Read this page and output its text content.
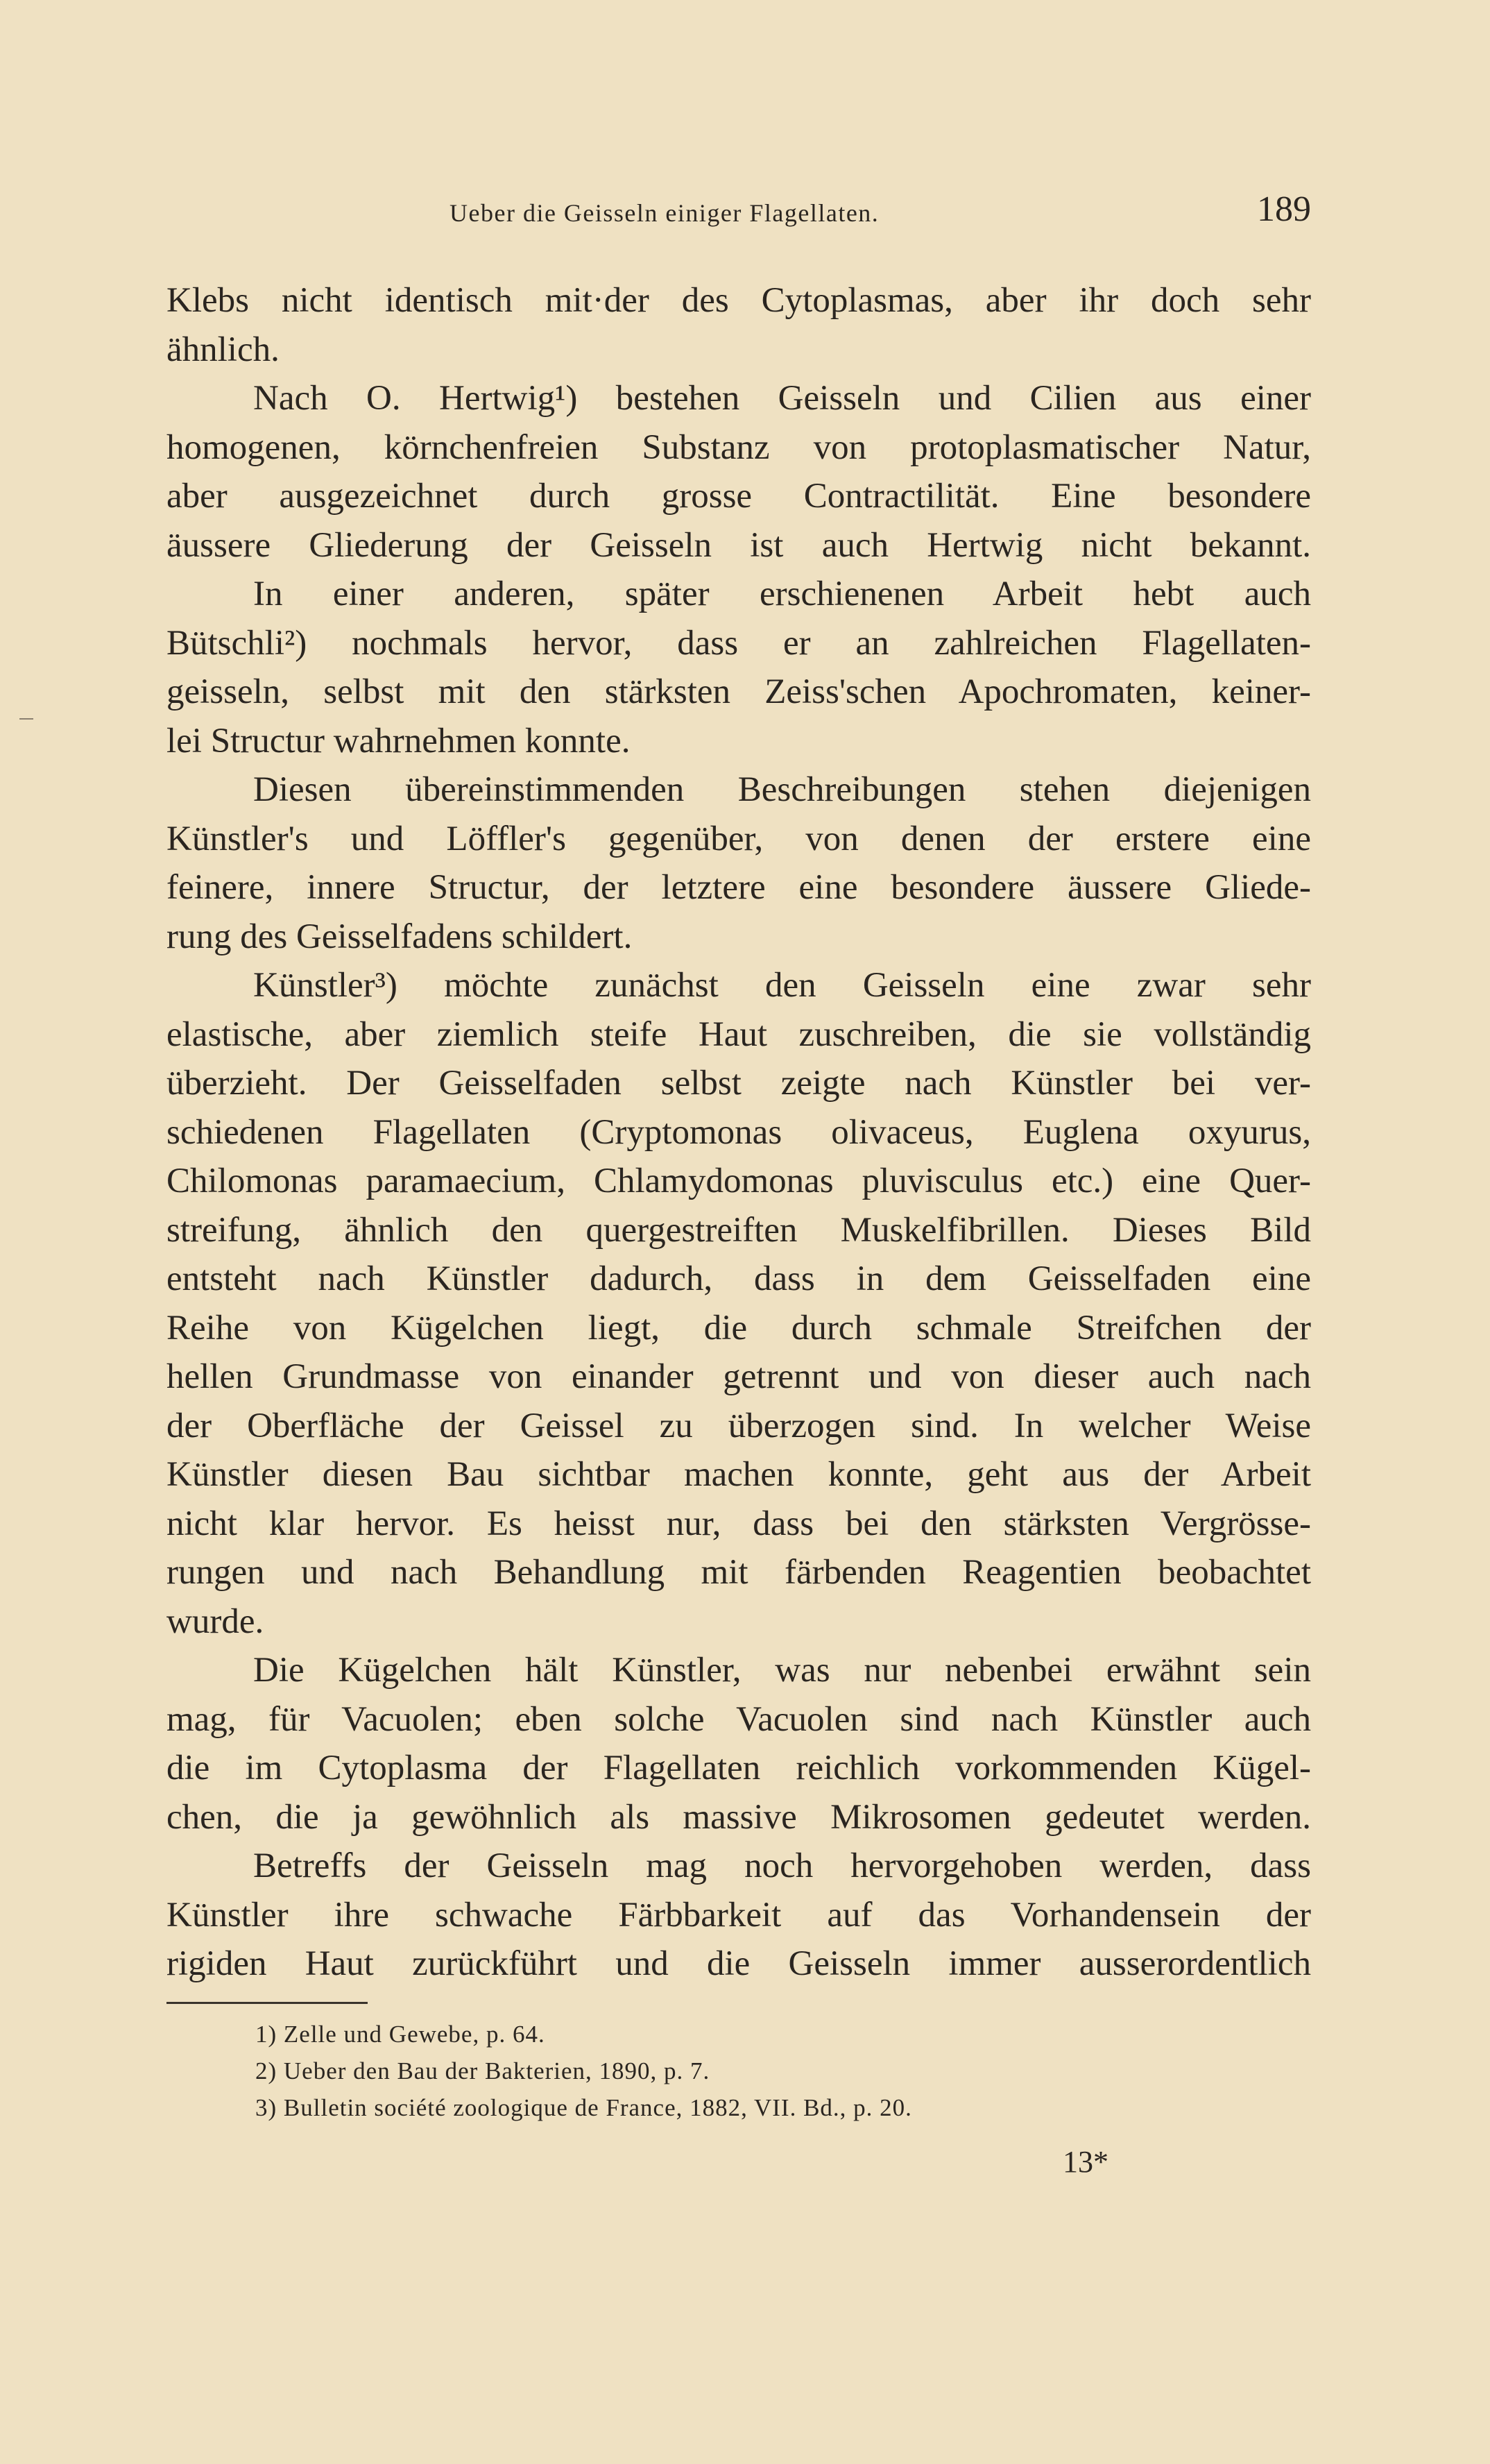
Ueber die Geisseln einiger Flagellaten.	189
Klebs nicht identisch mit·der des Cytoplasmas, aber ihr doch sehr
ähnlich.
Nach O. Hertwig¹) bestehen Geisseln und Cilien aus einer
homogenen, körnchenfreien Substanz von protoplasmatischer Natur,
aber ausgezeichnet durch grosse Contractilität. Eine besondere
äussere Gliederung der Geisseln ist auch Hertwig nicht bekannt.
In einer anderen, später erschienenen Arbeit hebt auch
Bütschli²) nochmals hervor, dass er an zahlreichen Flagellaten-
geisseln, selbst mit den stärksten Zeiss'schen Apochromaten, keiner-
lei Structur wahrnehmen konnte.
Diesen übereinstimmenden Beschreibungen stehen diejenigen
Künstler's und Löffler's gegenüber, von denen der erstere eine
feinere, innere Structur, der letztere eine besondere äussere Gliede-
rung des Geisselfadens schildert.
Künstler³) möchte zunächst den Geisseln eine zwar sehr
elastische, aber ziemlich steife Haut zuschreiben, die sie vollständig
überzieht. Der Geisselfaden selbst zeigte nach Künstler bei ver-
schiedenen Flagellaten (Cryptomonas olivaceus, Euglena oxyurus,
Chilomonas paramaecium, Chlamydomonas pluvisculus etc.) eine Quer-
streifung, ähnlich den quergestreiften Muskelfibrillen. Dieses Bild
entsteht nach Künstler dadurch, dass in dem Geisselfaden eine
Reihe von Kügelchen liegt, die durch schmale Streifchen der
hellen Grundmasse von einander getrennt und von dieser auch nach
der Oberfläche der Geissel zu überzogen sind. In welcher Weise
Künstler diesen Bau sichtbar machen konnte, geht aus der Arbeit
nicht klar hervor. Es heisst nur, dass bei den stärksten Vergrösse-
rungen und nach Behandlung mit färbenden Reagentien beobachtet
wurde.
Die Kügelchen hält Künstler, was nur nebenbei erwähnt sein
mag, für Vacuolen; eben solche Vacuolen sind nach Künstler auch
die im Cytoplasma der Flagellaten reichlich vorkommenden Kügel-
chen, die ja gewöhnlich als massive Mikrosomen gedeutet werden.
Betreffs der Geisseln mag noch hervorgehoben werden, dass
Künstler ihre schwache Färbbarkeit auf das Vorhandensein der
rigiden Haut zurückführt und die Geisseln immer ausserordentlich
1) Zelle und Gewebe, p. 64.
2) Ueber den Bau der Bakterien, 1890, p. 7.
3) Bulletin société zoologique de France, 1882, VII. Bd., p. 20.
13*
